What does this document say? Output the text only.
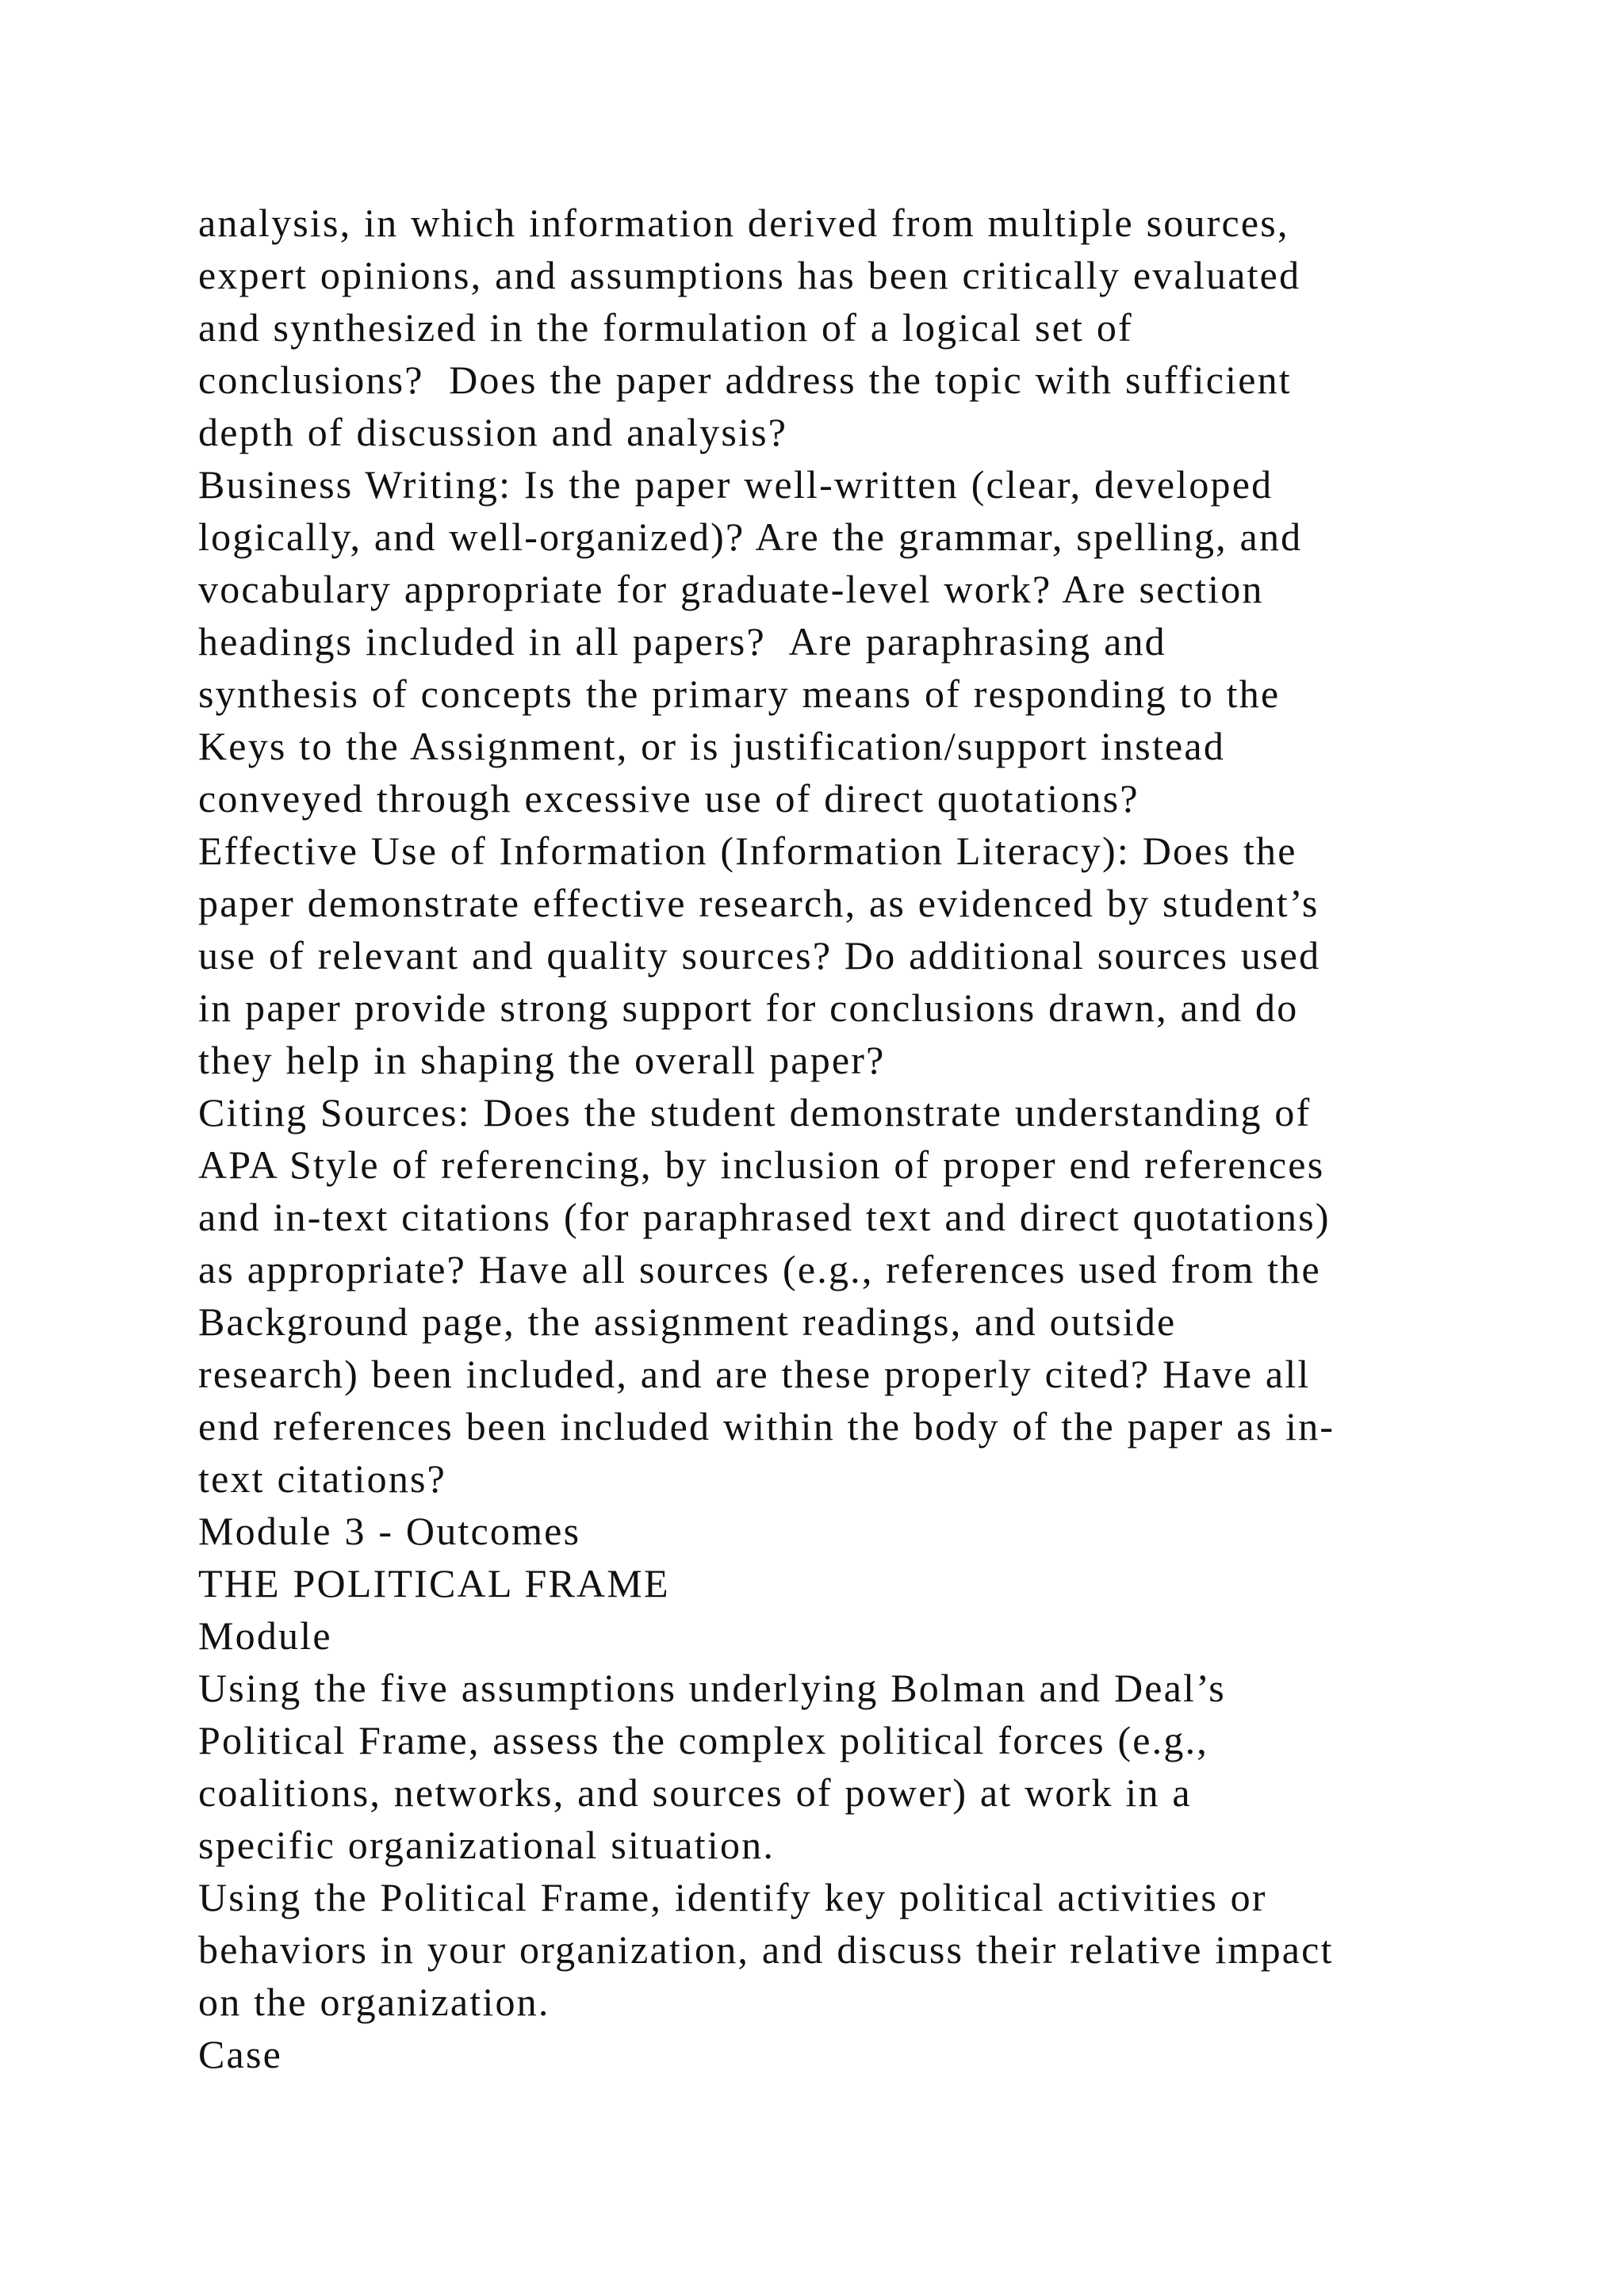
analysis, in which information derived from multiple sources,
expert opinions, and assumptions has been critically evaluated
and synthesized in the formulation of a logical set of
conclusions?  Does the paper address the topic with sufficient
depth of discussion and analysis?
Business Writing: Is the paper well-written (clear, developed
logically, and well-organized)? Are the grammar, spelling, and
vocabulary appropriate for graduate-level work? Are section
headings included in all papers?  Are paraphrasing and
synthesis of concepts the primary means of responding to the
Keys to the Assignment, or is justification/support instead
conveyed through excessive use of direct quotations?
Effective Use of Information (Information Literacy): Does the
paper demonstrate effective research, as evidenced by student’s
use of relevant and quality sources? Do additional sources used
in paper provide strong support for conclusions drawn, and do
they help in shaping the overall paper?
Citing Sources: Does the student demonstrate understanding of
APA Style of referencing, by inclusion of proper end references
and in-text citations (for paraphrased text and direct quotations)
as appropriate? Have all sources (e.g., references used from the
Background page, the assignment readings, and outside
research) been included, and are these properly cited? Have all
end references been included within the body of the paper as in-
text citations?
Module 3 - Outcomes
THE POLITICAL FRAME
Module
Using the five assumptions underlying Bolman and Deal’s
Political Frame, assess the complex political forces (e.g.,
coalitions, networks, and sources of power) at work in a
specific organizational situation.
Using the Political Frame, identify key political activities or
behaviors in your organization, and discuss their relative impact
on the organization.
Case
